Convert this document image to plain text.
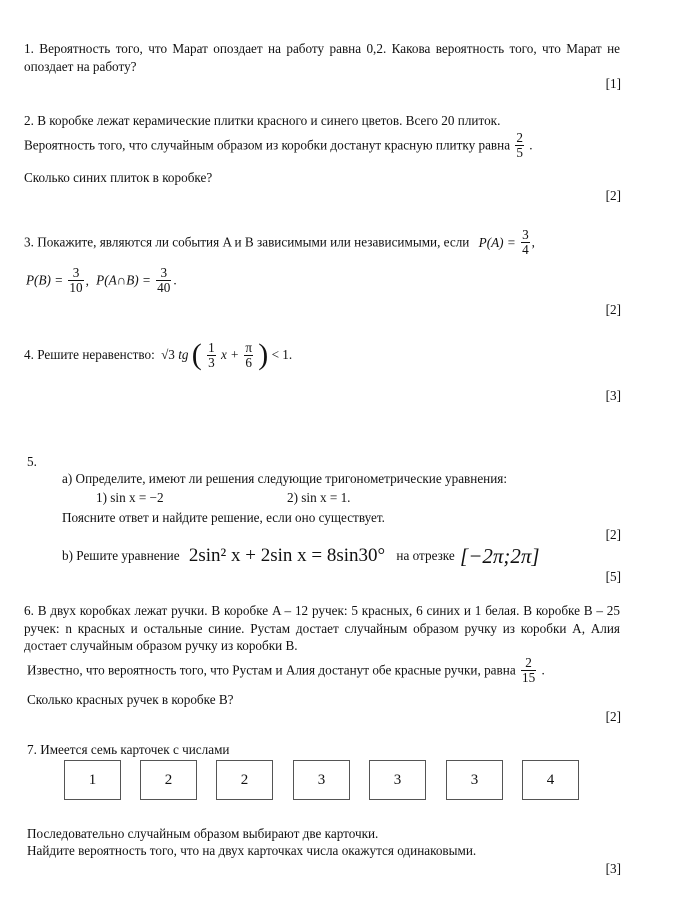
1. Вероятность того, что Марат опоздает на работу равна 0,2. Какова вероятность того, что Марат не опоздает на работу?
[1]
2. В коробке лежат керамические плитки красного и синего цветов. Всего 20 плиток.
Вероятность того, что случайным образом из коробки достанут красную плитку равна $\frac{2}{5}$ .
Сколько синих плиток в коробке?
[2]
3. Покажите, являются ли события A и B зависимыми или независимыми, если $P(A) = \frac{3}{4}$ ,
$P(B) = \frac{3}{10}$ , P(A∩B) = $\frac{3}{40}$ .
[2]
4. Решите неравенство: √3 tg ( $\frac{1}{3}$ $x + \frac{\pi}{6}$ ) < 1.
[3]
5.
a) Определите, имеют ли решения следующие тригонометрические уравнения:
1) sin x = −2	2) sin x = 1.
Поясните ответ и найдите решение, если оно существует.
[2]
b) Решите уравнение 2sin² x + 2sin x = 8sin30° на отрезке [−2π;2π]
[5]
6. В двух коробках лежат ручки. В коробке A – 12 ручек: 5 красных, 6 синих и 1 белая. В коробке B – 25 ручек: n красных и остальные синие. Рустам достает случайным образом ручку из коробки A, Алия достает случайным образом ручку из коробки B.
Известно, что вероятность того, что Рустам и Алия достанут обе красные ручки, равна $\frac{2}{15}$ .
Сколько красных ручек в коробке B?
[2]
7. Имеется семь карточек с числами
1	2	2	3	3	3	4
Последовательно случайным образом выбирают две карточки.
Найдите вероятность того, что на двух карточках числа окажутся одинаковыми.
[3]
